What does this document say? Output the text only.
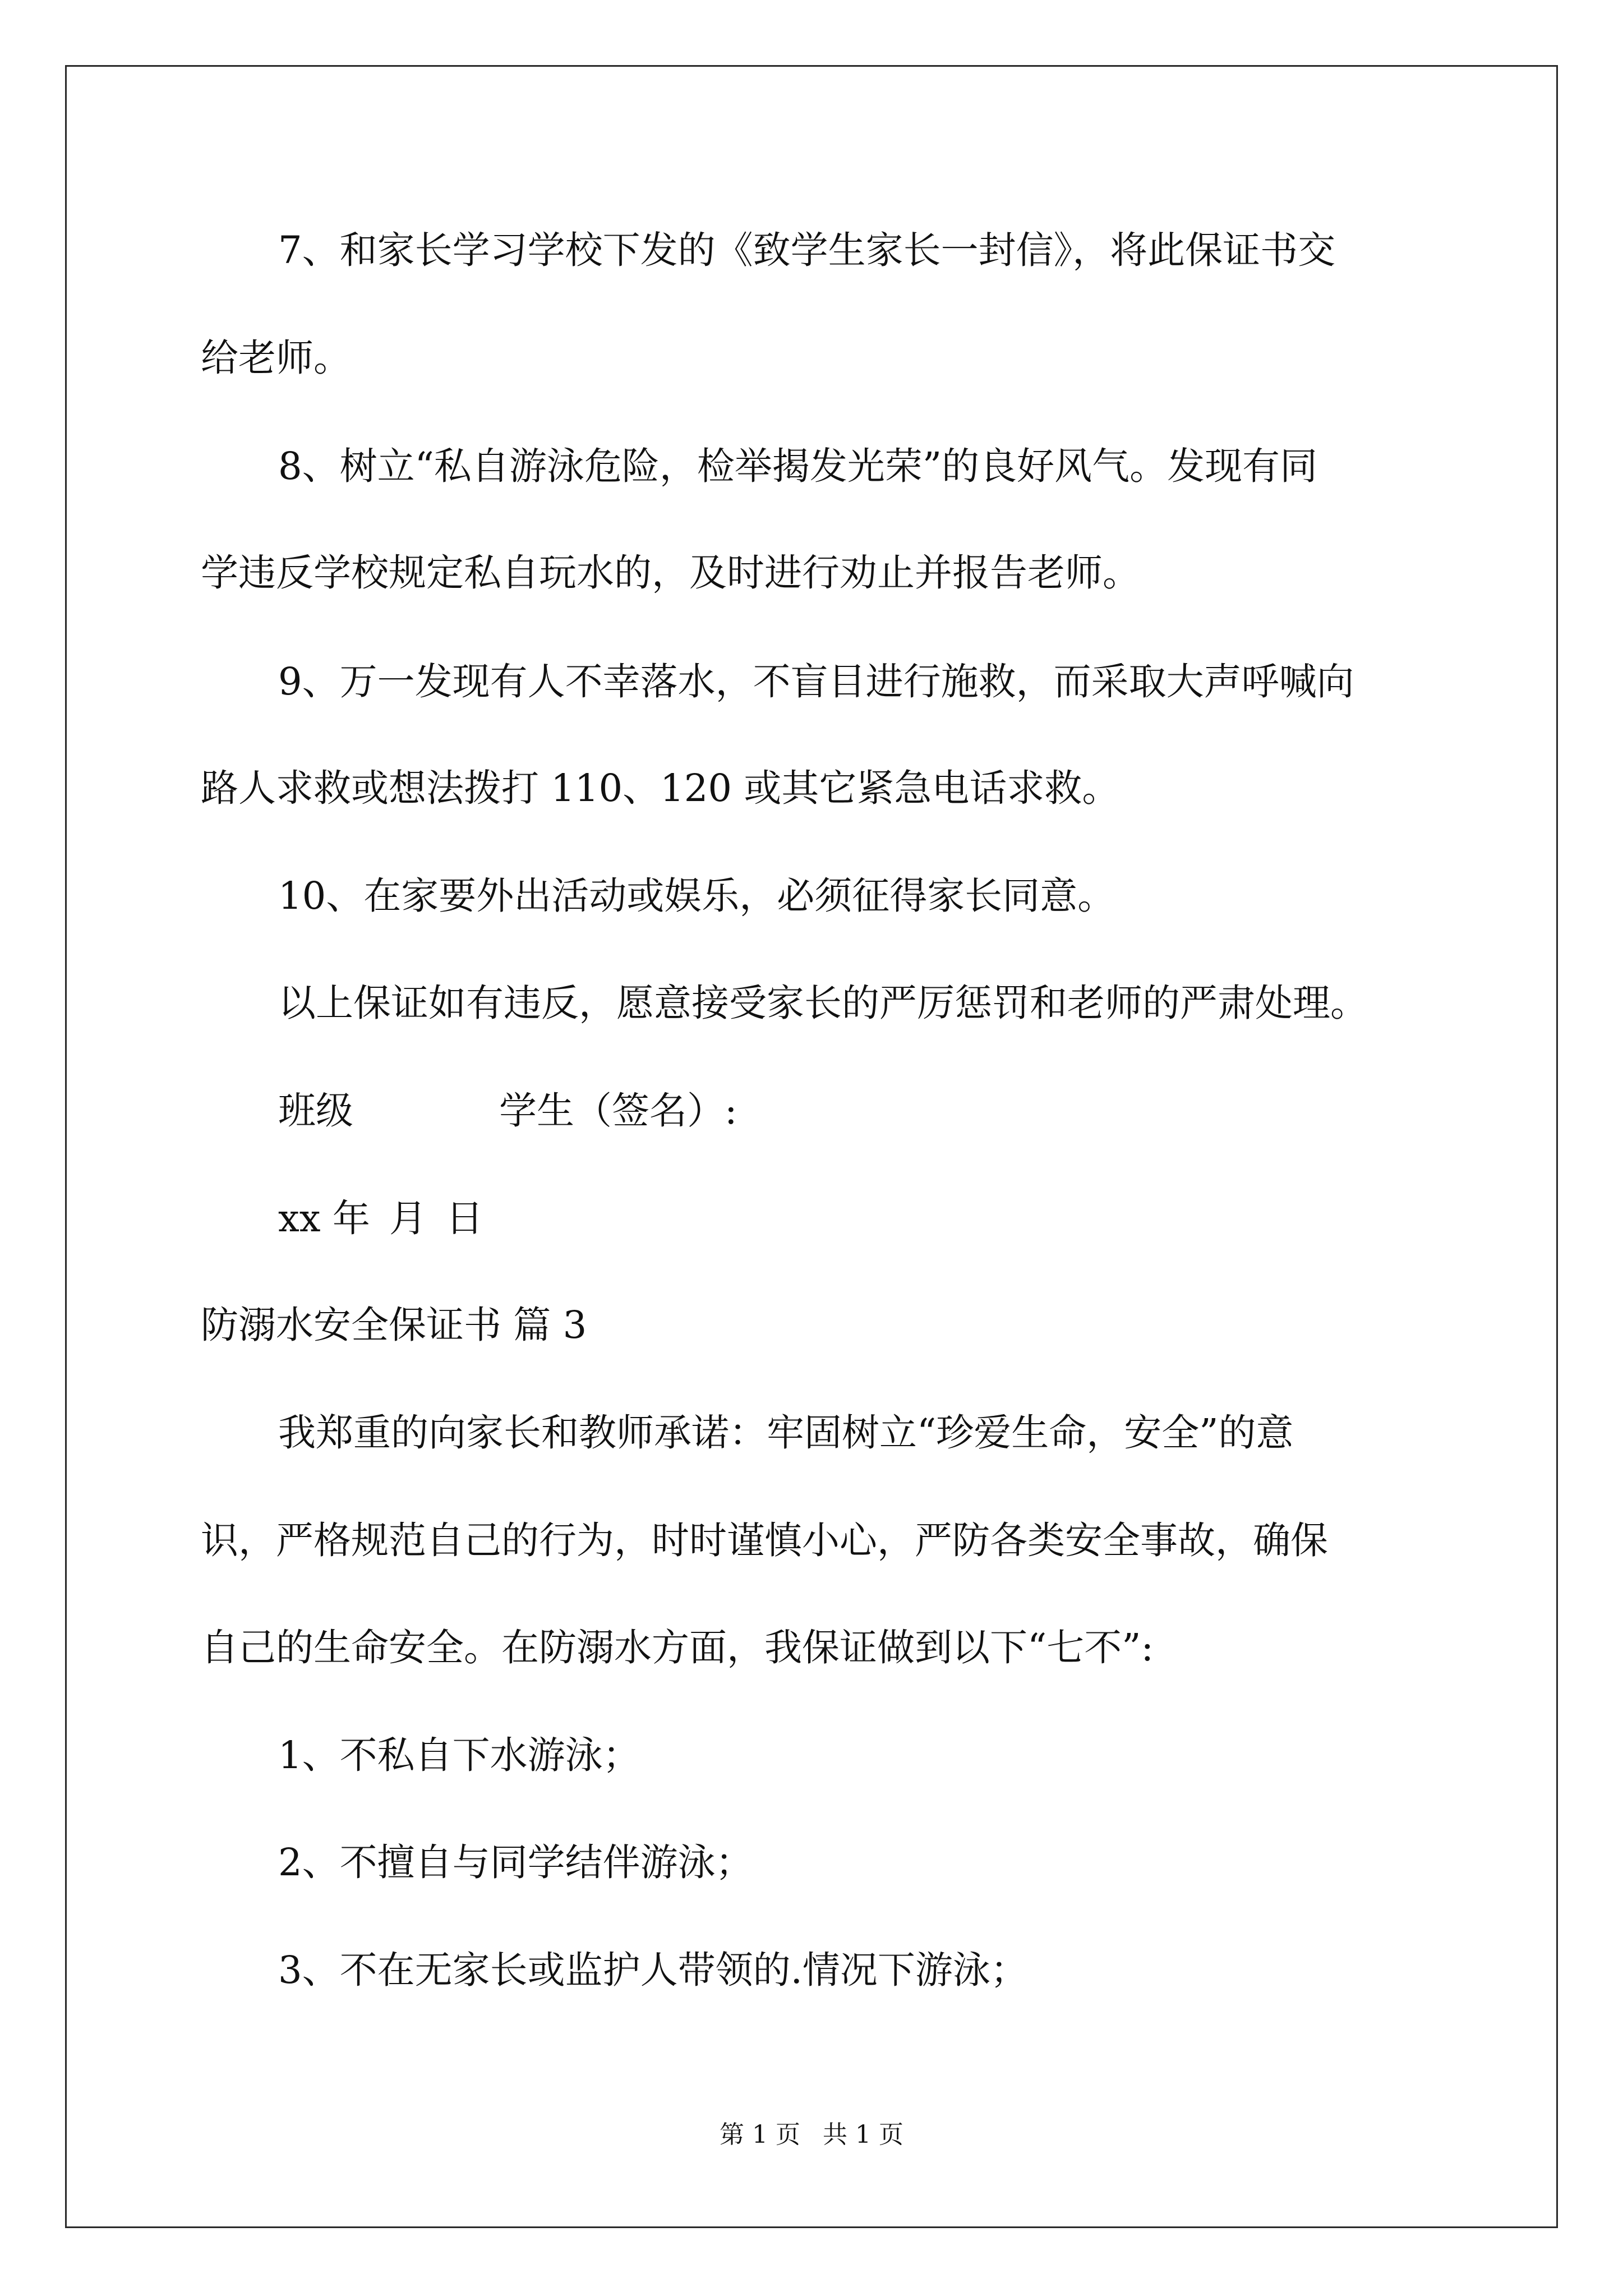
7、和家长学习学校下发的《致学生家长一封信》，将此保证书交

给老师。

8、树立“私自游泳危险，检举揭发光荣”的良好风气。发现有同

学违反学校规定私自玩水的，及时进行劝止并报告老师。

9、万一发现有人不幸落水，不盲目进行施救，而采取大声呼喊向

路人求救或想法拨打 110、120 或其它紧急电话求救。

10、在家要外出活动或娱乐，必须征得家长同意。

以上保证如有违反，愿意接受家长的严厉惩罚和老师的严肃处理。

班级	学生（签名）:

xx 年 月 日

防溺水安全保证书 篇 3

我郑重的向家长和教师承诺：牢固树立“珍爱生命，安全”的意

识，严格规范自己的行为，时时谨慎小心，严防各类安全事故，确保

自己的生命安全。在防溺水方面，我保证做到以下“七不”:

1、不私自下水游泳；

2、不擅自与同学结伴游泳；

3、不在无家长或监护人带领的.情况下游泳；

第 1 页 共 1 页
